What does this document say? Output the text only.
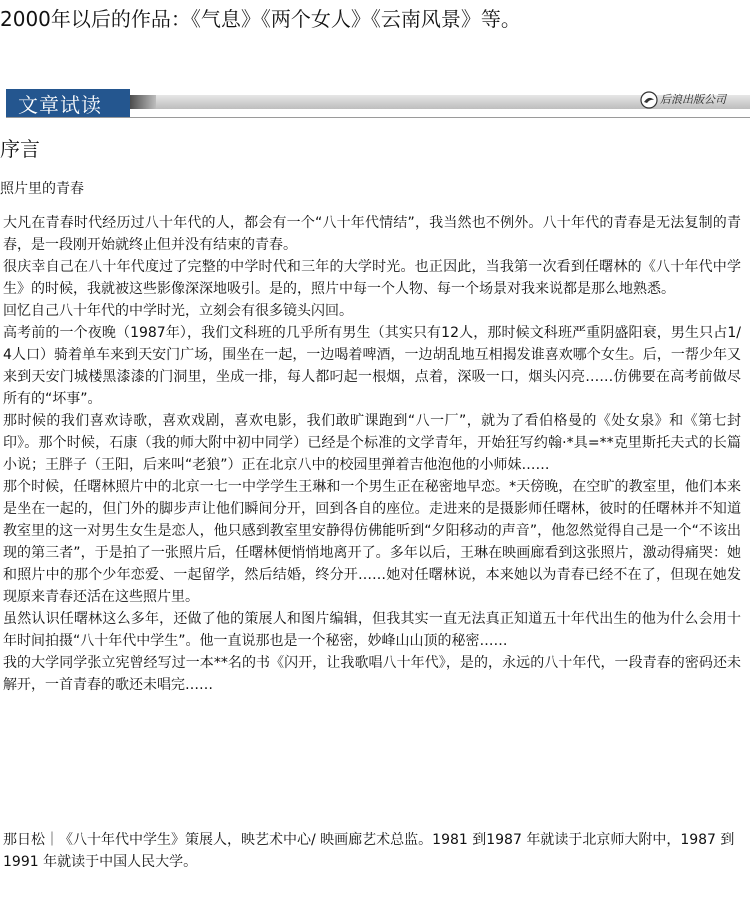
2000年以后的作品：《气息》《两个女人》《云南风景》等。
文章试读	后浪出版公司
序言
照片里的青春

大凡在青春时代经历过八十年代的人，都会有一个“八十年代情结”，我当然也不例外。八十年代的青春是无法复制的青春，是一段刚开始就终止但并没有结束的青春。

很庆幸自己在八十年代度过了完整的中学时代和三年的大学时光。也正因此，当我第一次看到任曙林的《八十年代中学生》的时候，我就被这些影像深深地吸引。是的，照片中每一个人物、每一个场景对我来说都是那么地熟悉。

回忆自己八十年代的中学时光，立刻会有很多镜头闪回。

高考前的一个夜晚（1987年），我们文科班的几乎所有男生（其实只有12人，那时候文科班严重阴盛阳衰，男生只占1/4人口）骑着单车来到天安门广场，围坐在一起，一边喝着啤酒，一边胡乱地互相揭发谁喜欢哪个女生。后，一帮少年又来到天安门城楼黑漆漆的门洞里，坐成一排，每人都叼起一根烟，点着，深吸一口，烟头闪亮……仿佛要在高考前做尽所有的“坏事”。

那时候的我们喜欢诗歌，喜欢戏剧，喜欢电影，我们敢旷课跑到“八一厂”，就为了看伯格曼的《处女泉》和《第七封印》。那个时候，石康（我的师大附中初中同学）已经是个标准的文学青年，开始狂写约翰·*具=**克里斯托夫式的长篇小说；王胖子（王阳，后来叫“老狼”）正在北京八中的校园里弹着吉他泡他的小师妹……

那个时候，任曙林照片中的北京一七一中学学生王琳和一个男生正在秘密地早恋。*天傍晚，在空旷的教室里，他们本来是坐在一起的，但门外的脚步声让他们瞬间分开，回到各自的座位。走进来的是摄影师任曙林，彼时的任曙林并不知道教室里的这一对男生女生是恋人，他只感到教室里安静得仿佛能听到“夕阳移动的声音”，他忽然觉得自己是一个“不该出现的第三者”，于是拍了一张照片后，任曙林便悄悄地离开了。多年以后，王琳在映画廊看到这张照片，激动得痛哭：她和照片中的那个少年恋爱、一起留学，然后结婚，终分开……她对任曙林说，本来她以为青春已经不在了，但现在她发现原来青春还活在这些照片里。

虽然认识任曙林这么多年，还做了他的策展人和图片编辑，但我其实一直无法真正知道五十年代出生的他为什么会用十年时间拍摄“八十年代中学生”。他一直说那也是一个秘密，妙峰山山顶的秘密……

我的大学同学张立宪曾经写过一本**名的书《闪开，让我歌唱八十年代》，是的，永远的八十年代，一段青春的密码还未解开，一首青春的歌还未唱完……

那日松｜《八十年代中学生》策展人，映艺术中心/ 映画廊艺术总监。1981 到1987 年就读于北京师大附中，1987 到1991 年就读于中国人民大学。
